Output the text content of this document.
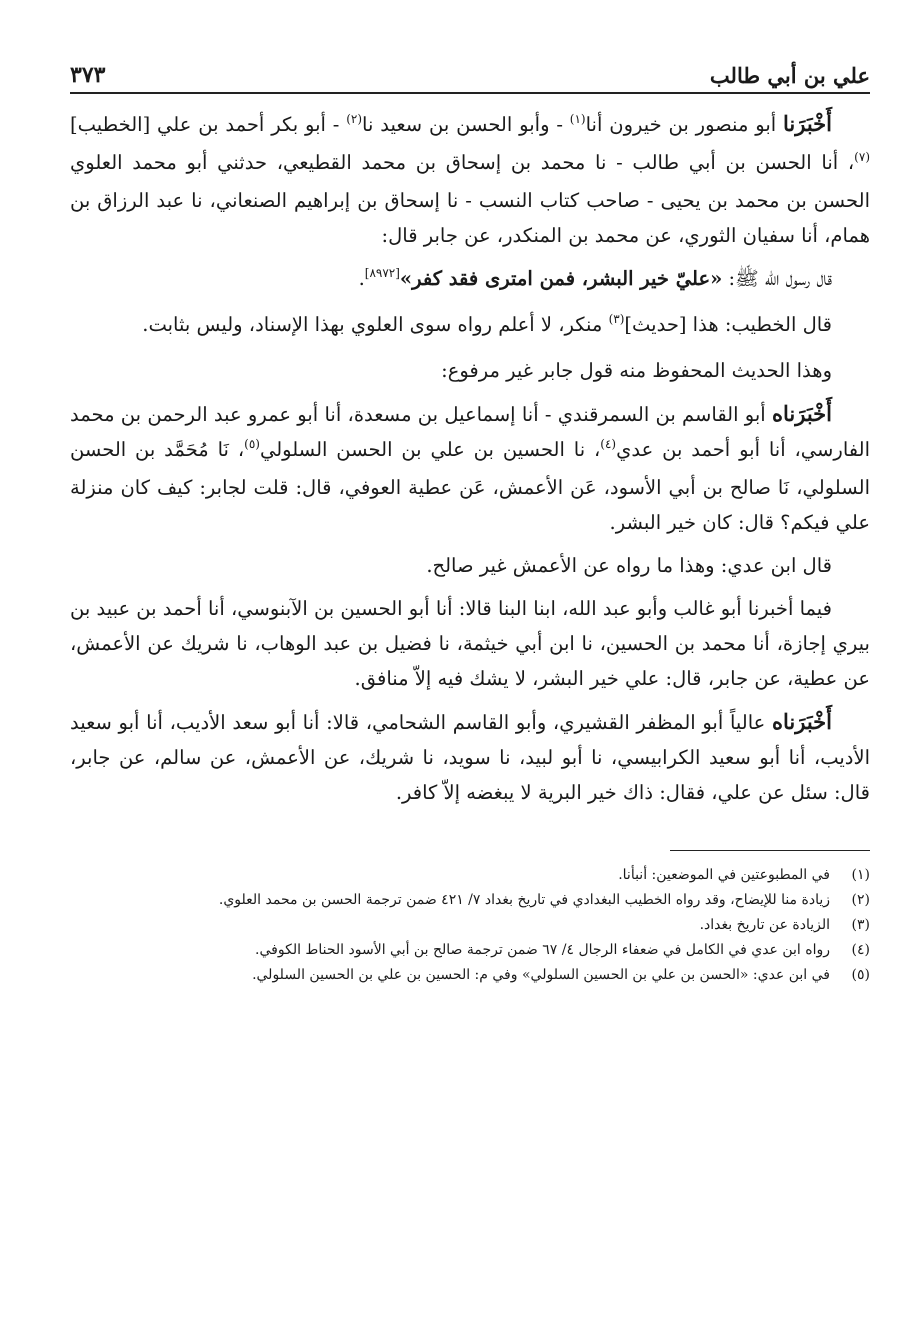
علي بن أبي طالب
٣٧٣

أَخْبَرَنا أبو منصور بن خيرون أنا$^{(١)}$ - وأبو الحسن بن سعيد نا$^{(٢)}$ - أبو بكر أحمد بن علي [الخطيب]$^{(٧)}$، أنا الحسن بن أبي طالب - نا محمد بن إسحاق بن محمد القطيعي، حدثني أبو محمد العلوي الحسن بن محمد بن يحيى - صاحب كتاب النسب - نا إسحاق بن إبراهيم الصنعاني، نا عبد الرزاق بن همام، أنا سفيان الثوري، عن محمد بن المنكدر، عن جابر قال:

قال رسول الله ﷺ: «عليّ خير البشر، فمن امترى فقد كفر»[٨٩٧٢].

قال الخطيب: هذا [حديث]$^{(٣)}$ منكر، لا أعلم رواه سوى العلوي بهذا الإسناد، وليس بثابت.

وهذا الحديث المحفوظ منه قول جابر غير مرفوع:

أَخْبَرَناه أبو القاسم بن السمرقندي - أنا إسماعيل بن مسعدة، أنا أبو عمرو عبد الرحمن بن محمد الفارسي، أنا أبو أحمد بن عدي$^{(٤)}$، نا الحسين بن علي بن الحسن السلولي$^{(٥)}$، نَا مُحَمَّد بن الحسن السلولي، نَا صالح بن أبي الأسود، عَن الأعمش، عَن عطية العوفي، قال: قلت لجابر: كيف كان منزلة علي فيكم؟ قال: كان خير البشر.

قال ابن عدي: وهذا ما رواه عن الأعمش غير صالح.

فيما أخبرنا أبو غالب وأبو عبد الله، ابنا البنا قالا: أنا أبو الحسين بن الآبنوسي، أنا أحمد بن عبيد بن بيري إجازة، أنا محمد بن الحسين، نا ابن أبي خيثمة، نا فضيل بن عبد الوهاب، نا شريك عن الأعمش، عن عطية، عن جابر، قال: علي خير البشر، لا يشك فيه إلاّ منافق.

أَخْبَرَناه عالياً أبو المظفر القشيري، وأبو القاسم الشحامي، قالا: أنا أبو سعد الأديب، أنا أبو سعيد الأديب، أنا أبو سعيد الكرابيسي، نا أبو لبيد، نا سويد، نا شريك، عن الأعمش، عن سالم، عن جابر، قال: سئل عن علي، فقال: ذاك خير البرية لا يبغضه إلاّ كافر.

(١)
في المطبوعتين في الموضعين: أنبأنا.
(٢)
زيادة منا للإيضاح، وقد رواه الخطيب البغدادي في تاريخ بغداد ٧/ ٤٢١ ضمن ترجمة الحسن بن محمد العلوي.
(٣)
الزيادة عن تاريخ بغداد.
(٤)
رواه ابن عدي في الكامل في ضعفاء الرجال ٤/ ٦٧ ضمن ترجمة صالح بن أبي الأسود الحناط الكوفي.
(٥)
في ابن عدي: «الحسن بن علي بن الحسين السلولي» وفي م: الحسين بن علي بن الحسين السلولي.
